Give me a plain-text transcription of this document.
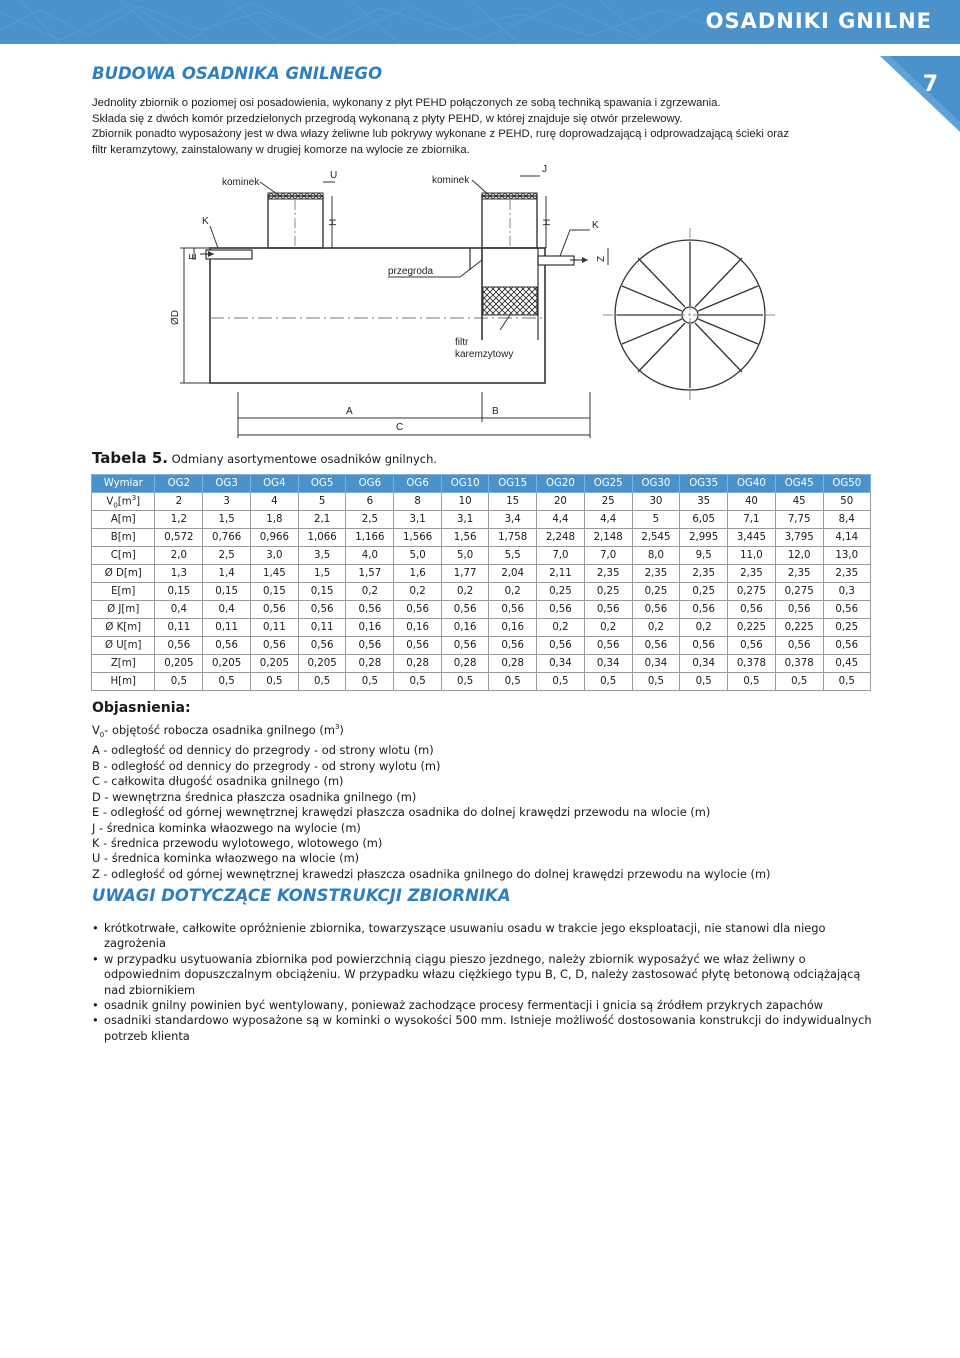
OSADNIKI GNILNE
7
BUDOWA OSADNIKA GNILNEGO
Jednolity zbiornik o poziomej osi posadowienia, wykonany z płyt PEHD połączonych ze sobą techniką spawania i zgrzewania.
Składa się z dwóch komór przedzielonych przegrodą wykonaną z płyty PEHD, w której znajduje się otwór przelewowy.
Zbiornik ponadto wyposażony jest w dwa włazy żeliwne lub pokrywy wykonane z PEHD, rurę doprowadzającą i odprowadzającą ścieki oraz
filtr keramzytowy, zainstalowany w drugiej komorze na wylocie ze zbiornika.
kominek
U	kominek
J
K	K
H	H
E	Z
przegroda
ØD
filtr
karemzytowy
A	B
C
Tabela 5. Odmiany asortymentowe osadników gnilnych.
Wymiar	OG2	OG3	OG4	OG5	OG6	OG6	OG10	OG15	OG20	OG25	OG30	OG35	OG40	OG45	OG50
$V_0[m^3]$	2	3	4	5	6	8	10	15	20	25	30	35	40	45	50
A[m]	1,2	1,5	1,8	2,1	2,5	3,1	3,1	3,4	4,4	4,4	5	6,05	7,1	7,75	8,4
B[m]	0,572	0,766	0,966	1,066	1,166	1,566	1,56	1,758	2,248	2,148	2,545	2,995	3,445	3,795	4,14
C[m]	2,0	2,5	3,0	3,5	4,0	5,0	5,0	5,5	7,0	7,0	8,0	9,5	11,0	12,0	13,0
Ø D[m]	1,3	1,4	1,45	1,5	1,57	1,6	1,77	2,04	2,11	2,35	2,35	2,35	2,35	2,35	2,35
E[m]	0,15	0,15	0,15	0,15	0,2	0,2	0,2	0,2	0,25	0,25	0,25	0,25	0,275	0,275	0,3
Ø J[m]	0,4	0,4	0,56	0,56	0,56	0,56	0,56	0,56	0,56	0,56	0,56	0,56	0,56	0,56	0,56
Ø K[m]	0,11	0,11	0,11	0,11	0,16	0,16	0,16	0,16	0,2	0,2	0,2	0,2	0,225	0,225	0,25
Ø U[m]	0,56	0,56	0,56	0,56	0,56	0,56	0,56	0,56	0,56	0,56	0,56	0,56	0,56	0,56	0,56
Z[m]	0,205	0,205	0,205	0,205	0,28	0,28	0,28	0,28	0,34	0,34	0,34	0,34	0,378	0,378	0,45
H[m]	0,5	0,5	0,5	0,5	0,5	0,5	0,5	0,5	0,5	0,5	0,5	0,5	0,5	0,5	0,5
Objasnienia:
$V_0-$ objętość robocza osadnika gnilnego $(m^3)$
A - odległość od dennicy do przegrody - od strony wlotu (m)
B - odległość od dennicy do przegrody - od strony wylotu (m)
C - całkowita długość osadnika gnilnego (m)
D - wewnętrzna średnica płaszcza osadnika gnilnego (m)
E - odległość od górnej wewnętrznej krawędzi płaszcza osadnika do dolnej krawędzi przewodu na wlocie (m)
J - średnica kominka właozwego na wylocie (m)
K - średnica przewodu wylotowego, wlotowego (m)
U - średnica kominka właozwego na wlocie (m)
Z - odległość od górnej wewnętrznej krawedzi płaszcza osadnika gnilnego do dolnej krawędzi przewodu na wylocie (m)
UWAGI DOTYCZĄCE KONSTRUKCJI ZBIORNIKA
• krótkotrwałe, całkowite opróżnienie zbiornika, towarzyszące usuwaniu osadu w trakcie jego eksploatacji, nie stanowi dla niego zagrożenia
• w przypadku usytuowania zbiornika pod powierzchnią ciągu pieszo jezdnego, należy zbiornik wyposażyć we właz żeliwny o odpowiednim dopuszczalnym obciążeniu. W przypadku włazu ciężkiego typu B, C, D, należy zastosować płytę betonową odciążającą nad zbiornikiem
• osadnik gnilny powinien być wentylowany, ponieważ zachodzące procesy fermentacji i gnicia są źródłem przykrych zapachów
• osadniki standardowo wyposażone są w kominki o wysokości 500 mm. Istnieje możliwość dostosowania konstrukcji do indywidualnych potrzeb klienta
